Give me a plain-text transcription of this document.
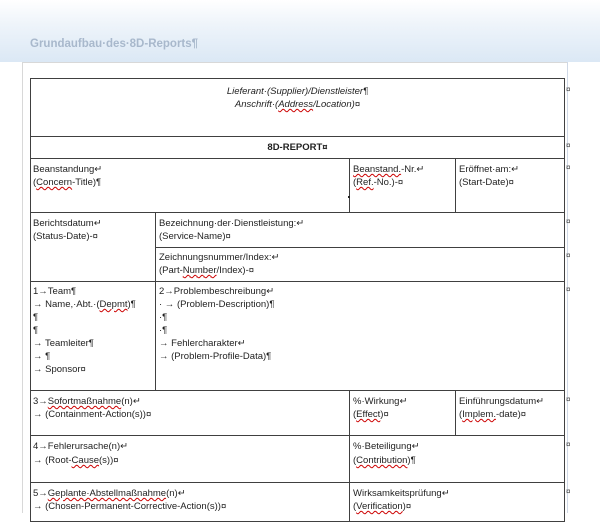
Grundaufbau·des·8D-Reports¶
Lieferant·(Supplier)/Dienstleister¶
Anschrift·(Address/Location)¤
8D-REPORT¤
Beanstandung↵
(Concern-Title)¶
Beanstand.-Nr.↵
(Ref.-No.)-¤
Eröffnet·am:↵
(Start-Date)¤
Berichtsdatum↵
(Status-Date)-¤
Bezeichnung·der·Dienstleistung:↵
(Service-Name)¤
Zeichnungsnummer/Index:↵
(Part-Number/Index)-¤
1→Team¶
→ Name,·Abt.·(Depmt)¶
¶
¶
→ Teamleiter¶
→ ¶
→ Sponsor¤
2→Problembeschreibung↵
· → (Problem-Description)¶
·¶
·¶
→ Fehlercharakter↵
→ (Problem-Profile-Data)¶
3→Sofortmaßnahme(n)↵
→ (Containment-Action(s))¤
%·Wirkung↵
(Effect)¤
Einführungsdatum↵
(Implem.-date)¤
4→Fehlerursache(n)↵
→ (Root-Cause(s))¤
%·Beteiligung↵
(Contribution)¶
5→Geplante·Abstellmaßnahme(n)↵
→ (Chosen-Permanent-Corrective-Action(s))¤
Wirksamkeitsprüfung↵
(Verification)¤
¤
¤
¤
¤
¤
¤
¤
¤
¤
